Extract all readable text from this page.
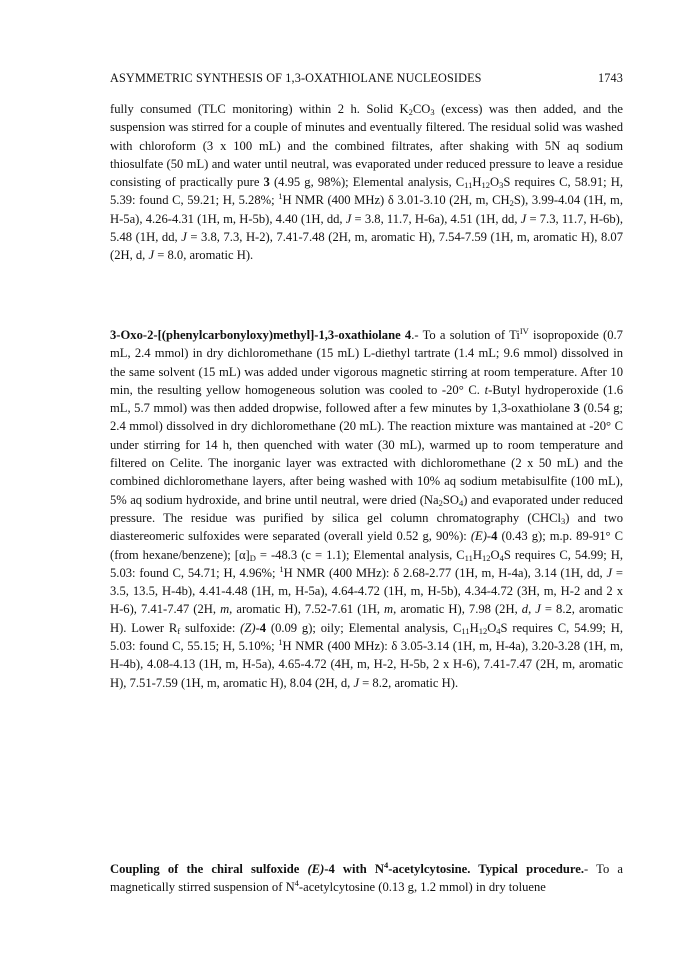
ASYMMETRIC SYNTHESIS OF 1,3-OXATHIOLANE NUCLEOSIDES	1743

fully consumed (TLC monitoring) within 2 h. Solid $K_2CO_3$ (excess) was then added, and the suspension was stirred for a couple of minutes and eventually filtered. The residual solid was washed with chloroform (3 x 100 mL) and the combined filtrates, after shaking with 5N aq sodium thiosulfate (50 mL) and water until neutral, was evaporated under reduced pressure to leave a residue consisting of practically pure 3 (4.95 g, 98%); Elemental analysis, $C_{11}H_{12}O_3S$ requires C, 58.91; H, 5.39: found C, 59.21; H, 5.28%; $^1$H NMR (400 MHz) δ 3.01-3.10 (2H, m, $CH_2S$), 3.99-4.04 (1H, m, H-5a), 4.26-4.31 (1H, m, H-5b), 4.40 (1H, dd, J = 3.8, 11.7, H-6a), 4.51 (1H, dd, J = 7.3, 11.7, H-6b), 5.48 (1H, dd, J = 3.8, 7.3, H-2), 7.41-7.48 (2H, m, aromatic H), 7.54-7.59 (1H, m, aromatic H), 8.07 (2H, d, J = 8.0, aromatic H).

3-Oxo-2-[(phenylcarbonyloxy)methyl]-1,3-oxathiolane 4.- To a solution of $Ti^{IV}$ isopropoxide (0.7 mL, 2.4 mmol) in dry dichloromethane (15 mL) L-diethyl tartrate (1.4 mL; 9.6 mmol) dissolved in the same solvent (15 mL) was added under vigorous magnetic stirring at room temperature. After 10 min, the resulting yellow homogeneous solution was cooled to -20° C. t-Butyl hydroperoxide (1.6 mL, 5.7 mmol) was then added dropwise, followed after a few minutes by 1,3-oxathiolane 3 (0.54 g; 2.4 mmol) dissolved in dry dichloromethane (20 mL). The reaction mixture was mantained at -20° C under stirring for 14 h, then quenched with water (30 mL), warmed up to room temperature and filtered on Celite. The inorganic layer was extracted with dichloromethane (2 x 50 mL) and the combined dichloromethane layers, after being washed with 10% aq sodium metabisulfite (100 mL), 5% aq sodium hydroxide, and brine until neutral, were dried $(Na_2SO_4)$ and evaporated under reduced pressure. The residue was purified by silica gel column chromatography (CHCl$_3$) and two diastereomeric sulfoxides were separated (overall yield 0.52 g, 90%): (E)-4 (0.43 g); m.p. 89-91° C (from hexane/benzene); $[\alpha]_D = -48.3$ (c = 1.1); Elemental analysis, $C_{11}H_{12}O_4S$ requires C, 54.99; H, 5.03: found C, 54.71; H, 4.96%; $^1$H NMR (400 MHz): δ 2.68-2.77 (1H, m, H-4a), 3.14 (1H, dd, J = 3.5, 13.5, H-4b), 4.41-4.48 (1H, m, H-5a), 4.64-4.72 (1H, m, H-5b), 4.34-4.72 (3H, m, H-2 and 2 x H-6), 7.41-7.47 (2H, m, aromatic H), 7.52-7.61 (1H, m, aromatic H), 7.98 (2H, d, J = 8.2, aromatic H). Lower $R_f$ sulfoxide: (Z)-4 (0.09 g); oily; Elemental analysis, $C_{11}H_{12}O_4S$ requires C, 54.99; H, 5.03: found C, 55.15; H, 5.10%; $^1$H NMR (400 MHz): δ 3.05-3.14 (1H, m, H-4a), 3.20-3.28 (1H, m, H-4b), 4.08-4.13 (1H, m, H-5a), 4.65-4.72 (4H, m, H-2, H-5b, 2 x H-6), 7.41-7.47 (2H, m, aromatic H), 7.51-7.59 (1H, m, aromatic H), 8.04 (2H, d, J = 8.2, aromatic H).

Coupling of the chiral sulfoxide (E)-4 with $N^4$-acetylcytosine. Typical procedure.- To a magnetically stirred suspension of $N^4$-acetylcytosine (0.13 g, 1.2 mmol) in dry toluene
